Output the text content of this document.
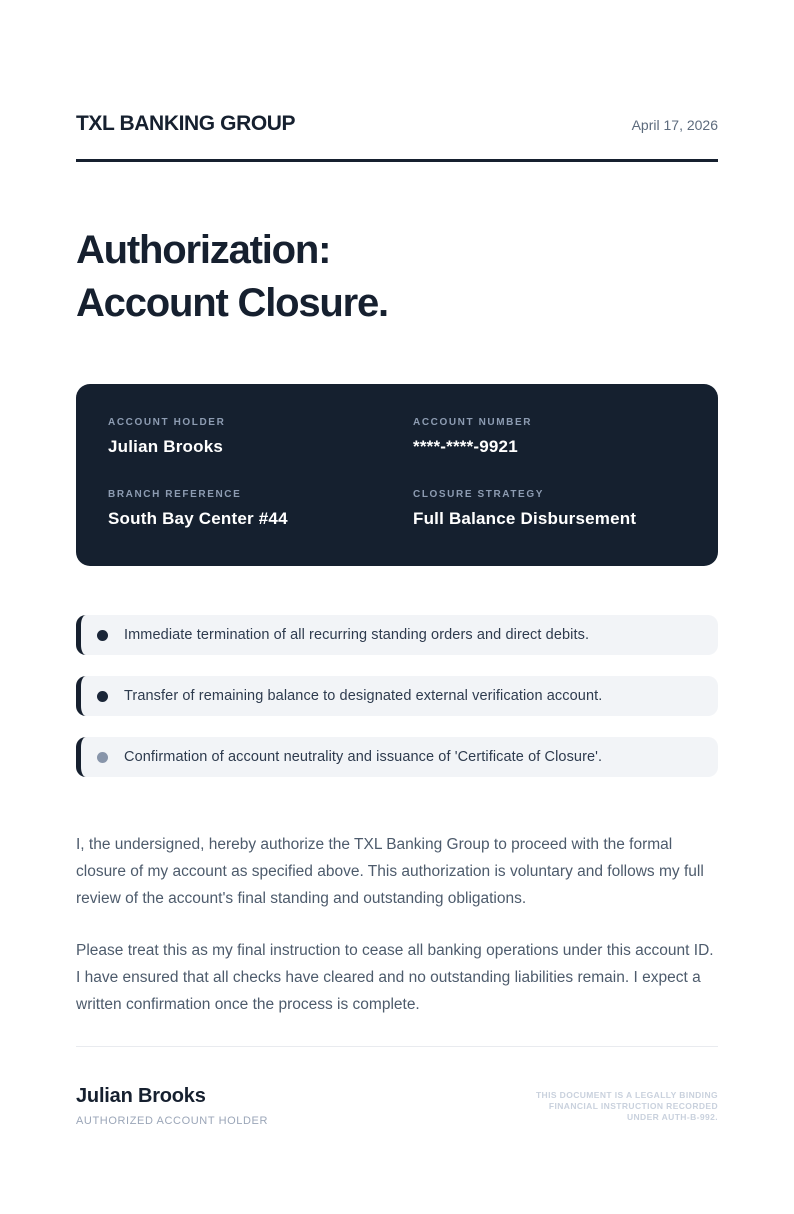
TXL BANKING GROUP	April 17, 2026
Authorization:
Account Closure.
ACCOUNT HOLDER
Julian Brooks
ACCOUNT NUMBER
****-****-9921
BRANCH REFERENCE
South Bay Center #44
CLOSURE STRATEGY
Full Balance Disbursement
Immediate termination of all recurring standing orders and direct debits.
Transfer of remaining balance to designated external verification account.
Confirmation of account neutrality and issuance of 'Certificate of Closure'.

I, the undersigned, hereby authorize the TXL Banking Group to proceed with the formal closure of my account as specified above. This authorization is voluntary and follows my full review of the account's final standing and outstanding obligations.

Please treat this as my final instruction to cease all banking operations under this account ID. I have ensured that all checks have cleared and no outstanding liabilities remain. I expect a written confirmation once the process is complete.

Julian Brooks
AUTHORIZED ACCOUNT HOLDER
THIS DOCUMENT IS A LEGALLY BINDING FINANCIAL INSTRUCTION RECORDED UNDER AUTH-B-992.
